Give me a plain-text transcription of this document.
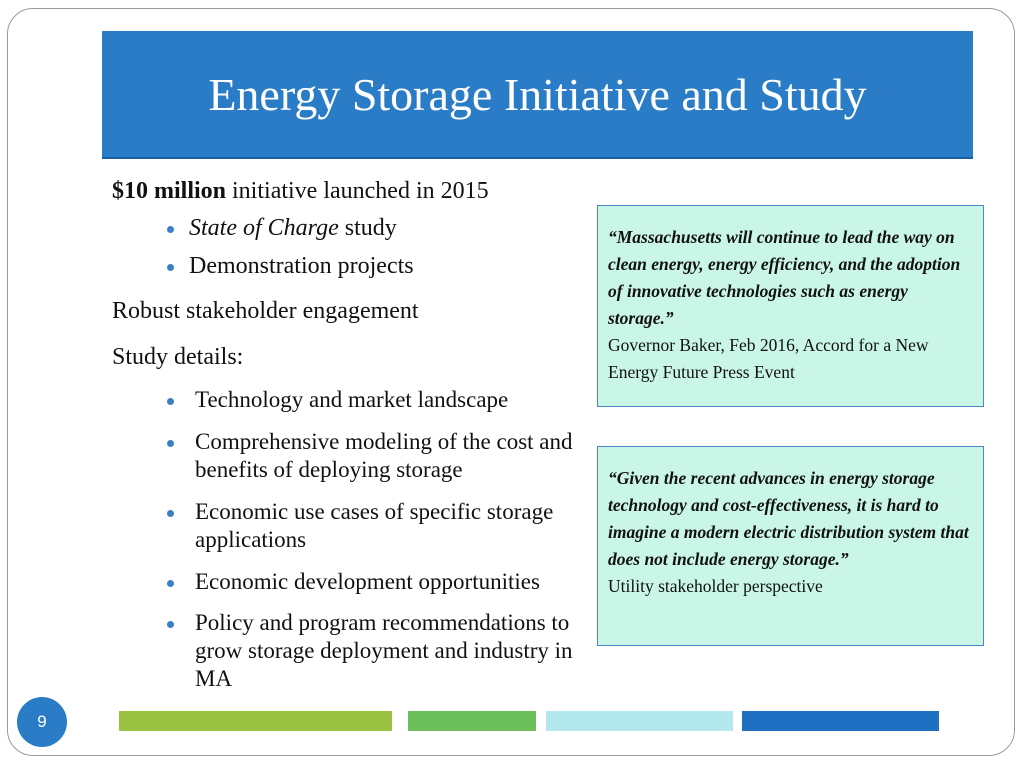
Energy Storage Initiative and Study
$10 million initiative launched in 2015
State of Charge study
Demonstration projects
Robust stakeholder engagement
Study details:
Technology and market landscape
Comprehensive modeling of the cost and benefits of deploying storage
Economic use cases of specific storage applications
Economic development opportunities
Policy and program recommendations to grow storage deployment and industry in MA
“Massachusetts will continue to lead the way on clean energy, energy efficiency, and the adoption of innovative technologies such as energy storage.”
Governor Baker, Feb 2016, Accord for a New Energy Future Press Event
“Given the recent advances in energy storage technology and cost-effectiveness, it is hard to imagine a modern electric distribution system that does not include energy storage.”
Utility stakeholder perspective
9
